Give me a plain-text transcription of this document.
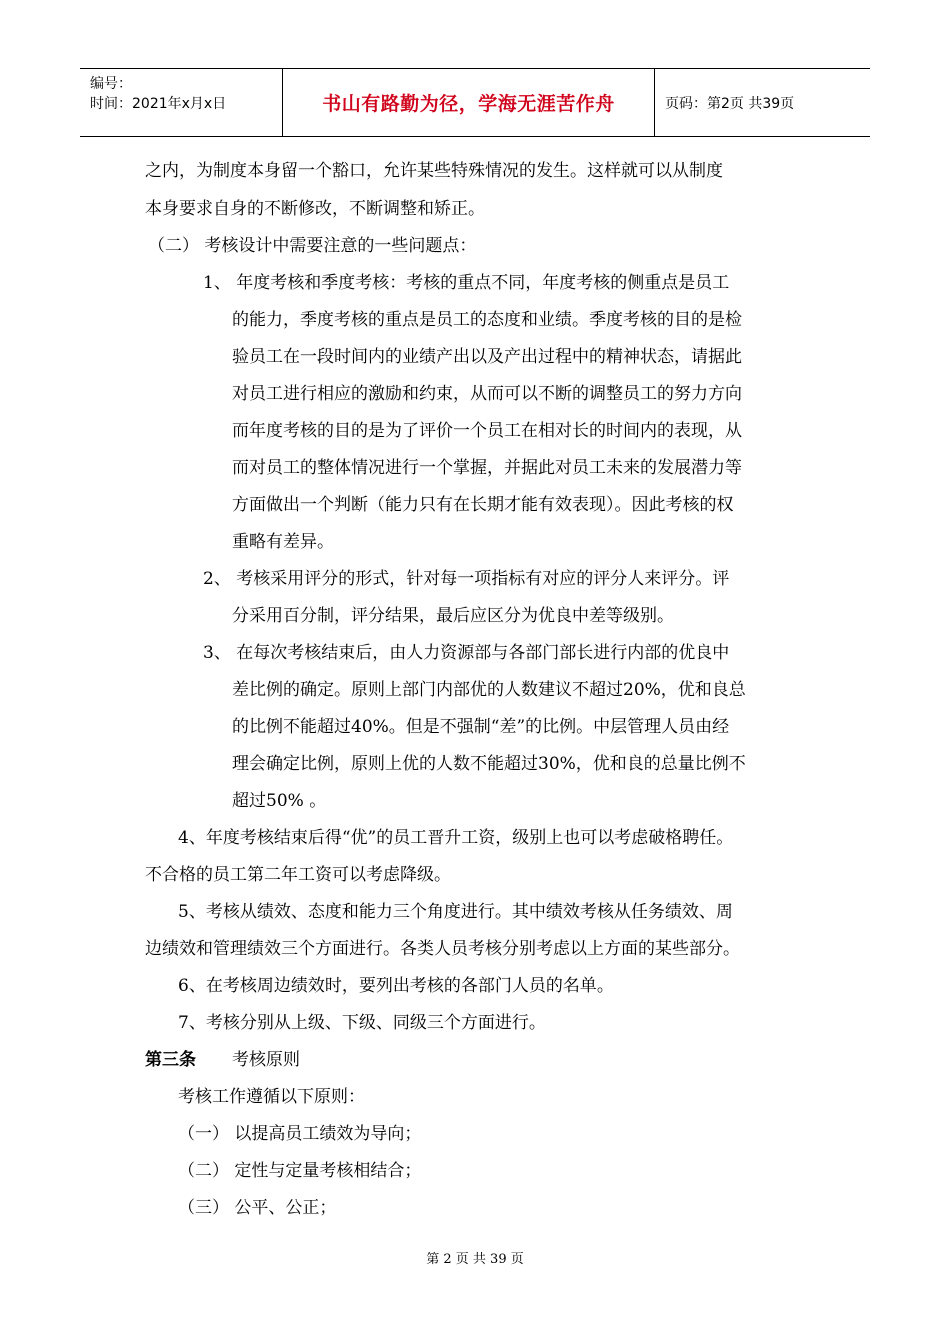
编号：
时间：2021年x月x日	书山有路勤为径，学海无涯苦作舟	页码：第2页 共39页
之内，为制度本身留一个豁口，允许某些特殊情况的发生。这样就可以从制度
本身要求自身的不断修改，不断调整和矫正。
（二） 考核设计中需要注意的一些问题点：
1、 年度考核和季度考核：考核的重点不同，年度考核的侧重点是员工
的能力，季度考核的重点是员工的态度和业绩。季度考核的目的是检
验员工在一段时间内的业绩产出以及产出过程中的精神状态，请据此
对员工进行相应的激励和约束，从而可以不断的调整员工的努力方向
而年度考核的目的是为了评价一个员工在相对长的时间内的表现，从
而对员工的整体情况进行一个掌握，并据此对员工未来的发展潜力等
方面做出一个判断（能力只有在长期才能有效表现）。因此考核的权
重略有差异。
2、 考核采用评分的形式，针对每一项指标有对应的评分人来评分。评
分采用百分制，评分结果，最后应区分为优良中差等级别。
3、 在每次考核结束后，由人力资源部与各部门部长进行内部的优良中
差比例的确定。原则上部门内部优的人数建议不超过20%，优和良总
的比例不能超过40%。但是不强制“差”的比例。中层管理人员由经
理会确定比例，原则上优的人数不能超过30%，优和良的总量比例不
超过50% 。
4、年度考核结束后得“优”的员工晋升工资，级别上也可以考虑破格聘任。
不合格的员工第二年工资可以考虑降级。
5、考核从绩效、态度和能力三个角度进行。其中绩效考核从任务绩效、周
边绩效和管理绩效三个方面进行。各类人员考核分别考虑以上方面的某些部分。
6、在考核周边绩效时，要列出考核的各部门人员的名单。
7、考核分别从上级、下级、同级三个方面进行。
第三条 考核原则
考核工作遵循以下原则：
（一） 以提高员工绩效为导向；
（二） 定性与定量考核相结合；
（三） 公平、公正；
第 2 页 共 39 页
